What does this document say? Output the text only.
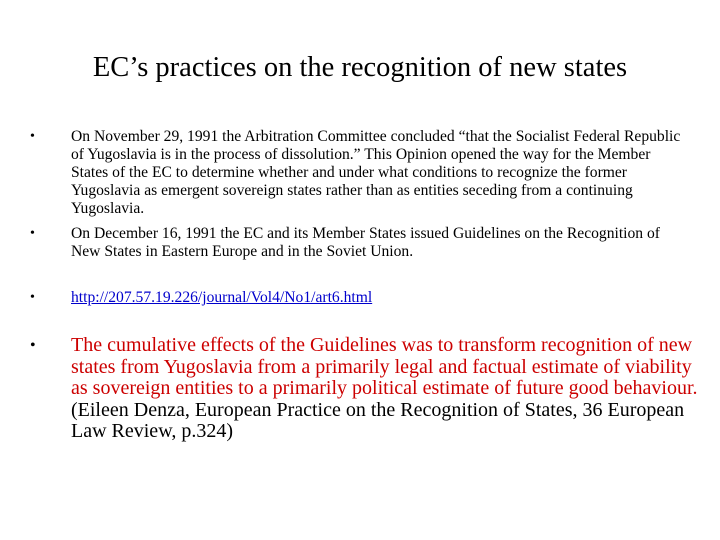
EC’s practices on the recognition of new states
•	On November 29, 1991 the Arbitration Committee concluded “that the Socialist Federal Republic of Yugoslavia is in the process of dissolution.” This Opinion opened the way for the Member States of the EC to determine whether and under what conditions to recognize the former Yugoslavia as emergent sovereign states rather than as entities seceding from a continuing Yugoslavia.
•	On December 16, 1991 the EC and its Member States issued Guidelines on the Recognition of New States in Eastern Europe and in the Soviet Union.
•	http://207.57.19.226/journal/Vol4/No1/art6.html
•	The cumulative effects of the Guidelines was to transform recognition of new states from Yugoslavia from a primarily legal and factual estimate of viability as sovereign entities to a primarily political estimate of future good behaviour. (Eileen Denza, European Practice on the Recognition of States, 36 European Law Review, p.324)
